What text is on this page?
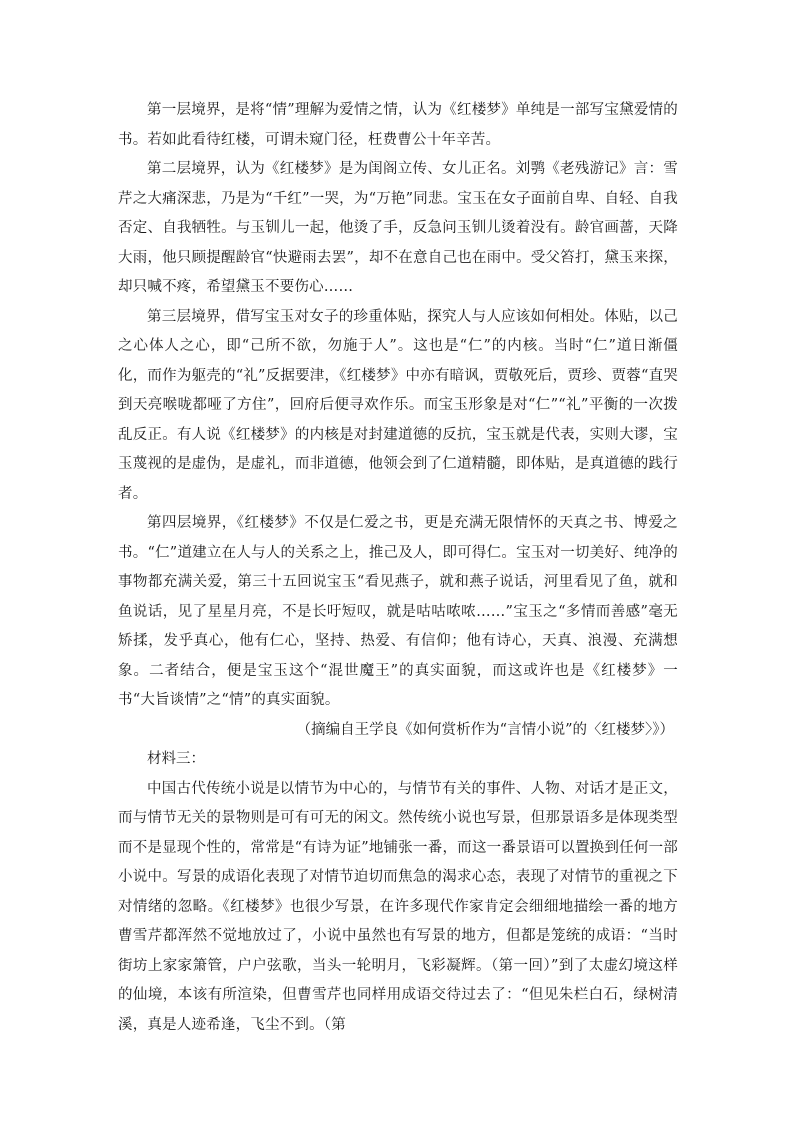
第一层境界，是将“情”理解为爱情之情，认为《红楼梦》单纯是一部写宝黛爱情的书。若如此看待红楼，可谓未窥门径，枉费曹公十年辛苦。

第二层境界，认为《红楼梦》是为闺阁立传、女儿正名。刘鹗《老残游记》言：雪芹之大痛深悲，乃是为“千红”一哭，为“万艳”同悲。宝玉在女子面前自卑、自轻、自我否定、自我牺牲。与玉钏儿一起，他烫了手，反急问玉钏儿烫着没有。龄官画蔷，天降大雨，他只顾提醒龄官“快避雨去罢”，却不在意自己也在雨中。受父笞打，黛玉来探，却只喊不疼，希望黛玉不要伤心……

第三层境界，借写宝玉对女子的珍重体贴，探究人与人应该如何相处。体贴，以己之心体人之心，即“己所不欲，勿施于人”。这也是“仁”的内核。当时“仁”道日渐僵化，而作为躯壳的“礼”反据要津，《红楼梦》中亦有暗讽，贾敬死后，贾珍、贾蓉“直哭到天亮喉咙都哑了方住”，回府后便寻欢作乐。而宝玉形象是对“仁”“礼”平衡的一次拨乱反正。有人说《红楼梦》的内核是对封建道德的反抗，宝玉就是代表，实则大谬，宝玉蔑视的是虚伪，是虚礼，而非道德，他领会到了仁道精髓，即体贴，是真道德的践行者。

第四层境界，《红楼梦》不仅是仁爱之书，更是充满无限情怀的天真之书、博爱之书。“仁”道建立在人与人的关系之上，推己及人，即可得仁。宝玉对一切美好、纯净的事物都充满关爱，第三十五回说宝玉“看见燕子，就和燕子说话，河里看见了鱼，就和鱼说话，见了星星月亮，不是长吁短叹，就是咕咕哝哝……”宝玉之“多情而善感”毫无矫揉，发乎真心，他有仁心，坚持、热爱、有信仰；他有诗心，天真、浪漫、充满想象。二者结合，便是宝玉这个“混世魔王”的真实面貌，而这或许也是《红楼梦》一书“大旨谈情”之“情”的真实面貌。

（摘编自王学良《如何赏析作为“言情小说”的〈红楼梦〉》）

材料三：

中国古代传统小说是以情节为中心的，与情节有关的事件、人物、对话才是正文，而与情节无关的景物则是可有可无的闲文。然传统小说也写景，但那景语多是体现类型而不是显现个性的，常常是“有诗为证”地铺张一番，而这一番景语可以置换到任何一部小说中。写景的成语化表现了对情节迫切而焦急的渴求心态，表现了对情节的重视之下对情绪的忽略。《红楼梦》也很少写景，在许多现代作家肯定会细细地描绘一番的地方曹雪芹都浑然不觉地放过了，小说中虽然也有写景的地方，但都是笼统的成语：“当时街坊上家家箫管，户户弦歌，当头一轮明月，飞彩凝辉。（第一回）”到了太虚幻境这样的仙境，本该有所渲染，但曹雪芹也同样用成语交待过去了：“但见朱栏白石，绿树清溪，真是人迹希逢，飞尘不到。（第
